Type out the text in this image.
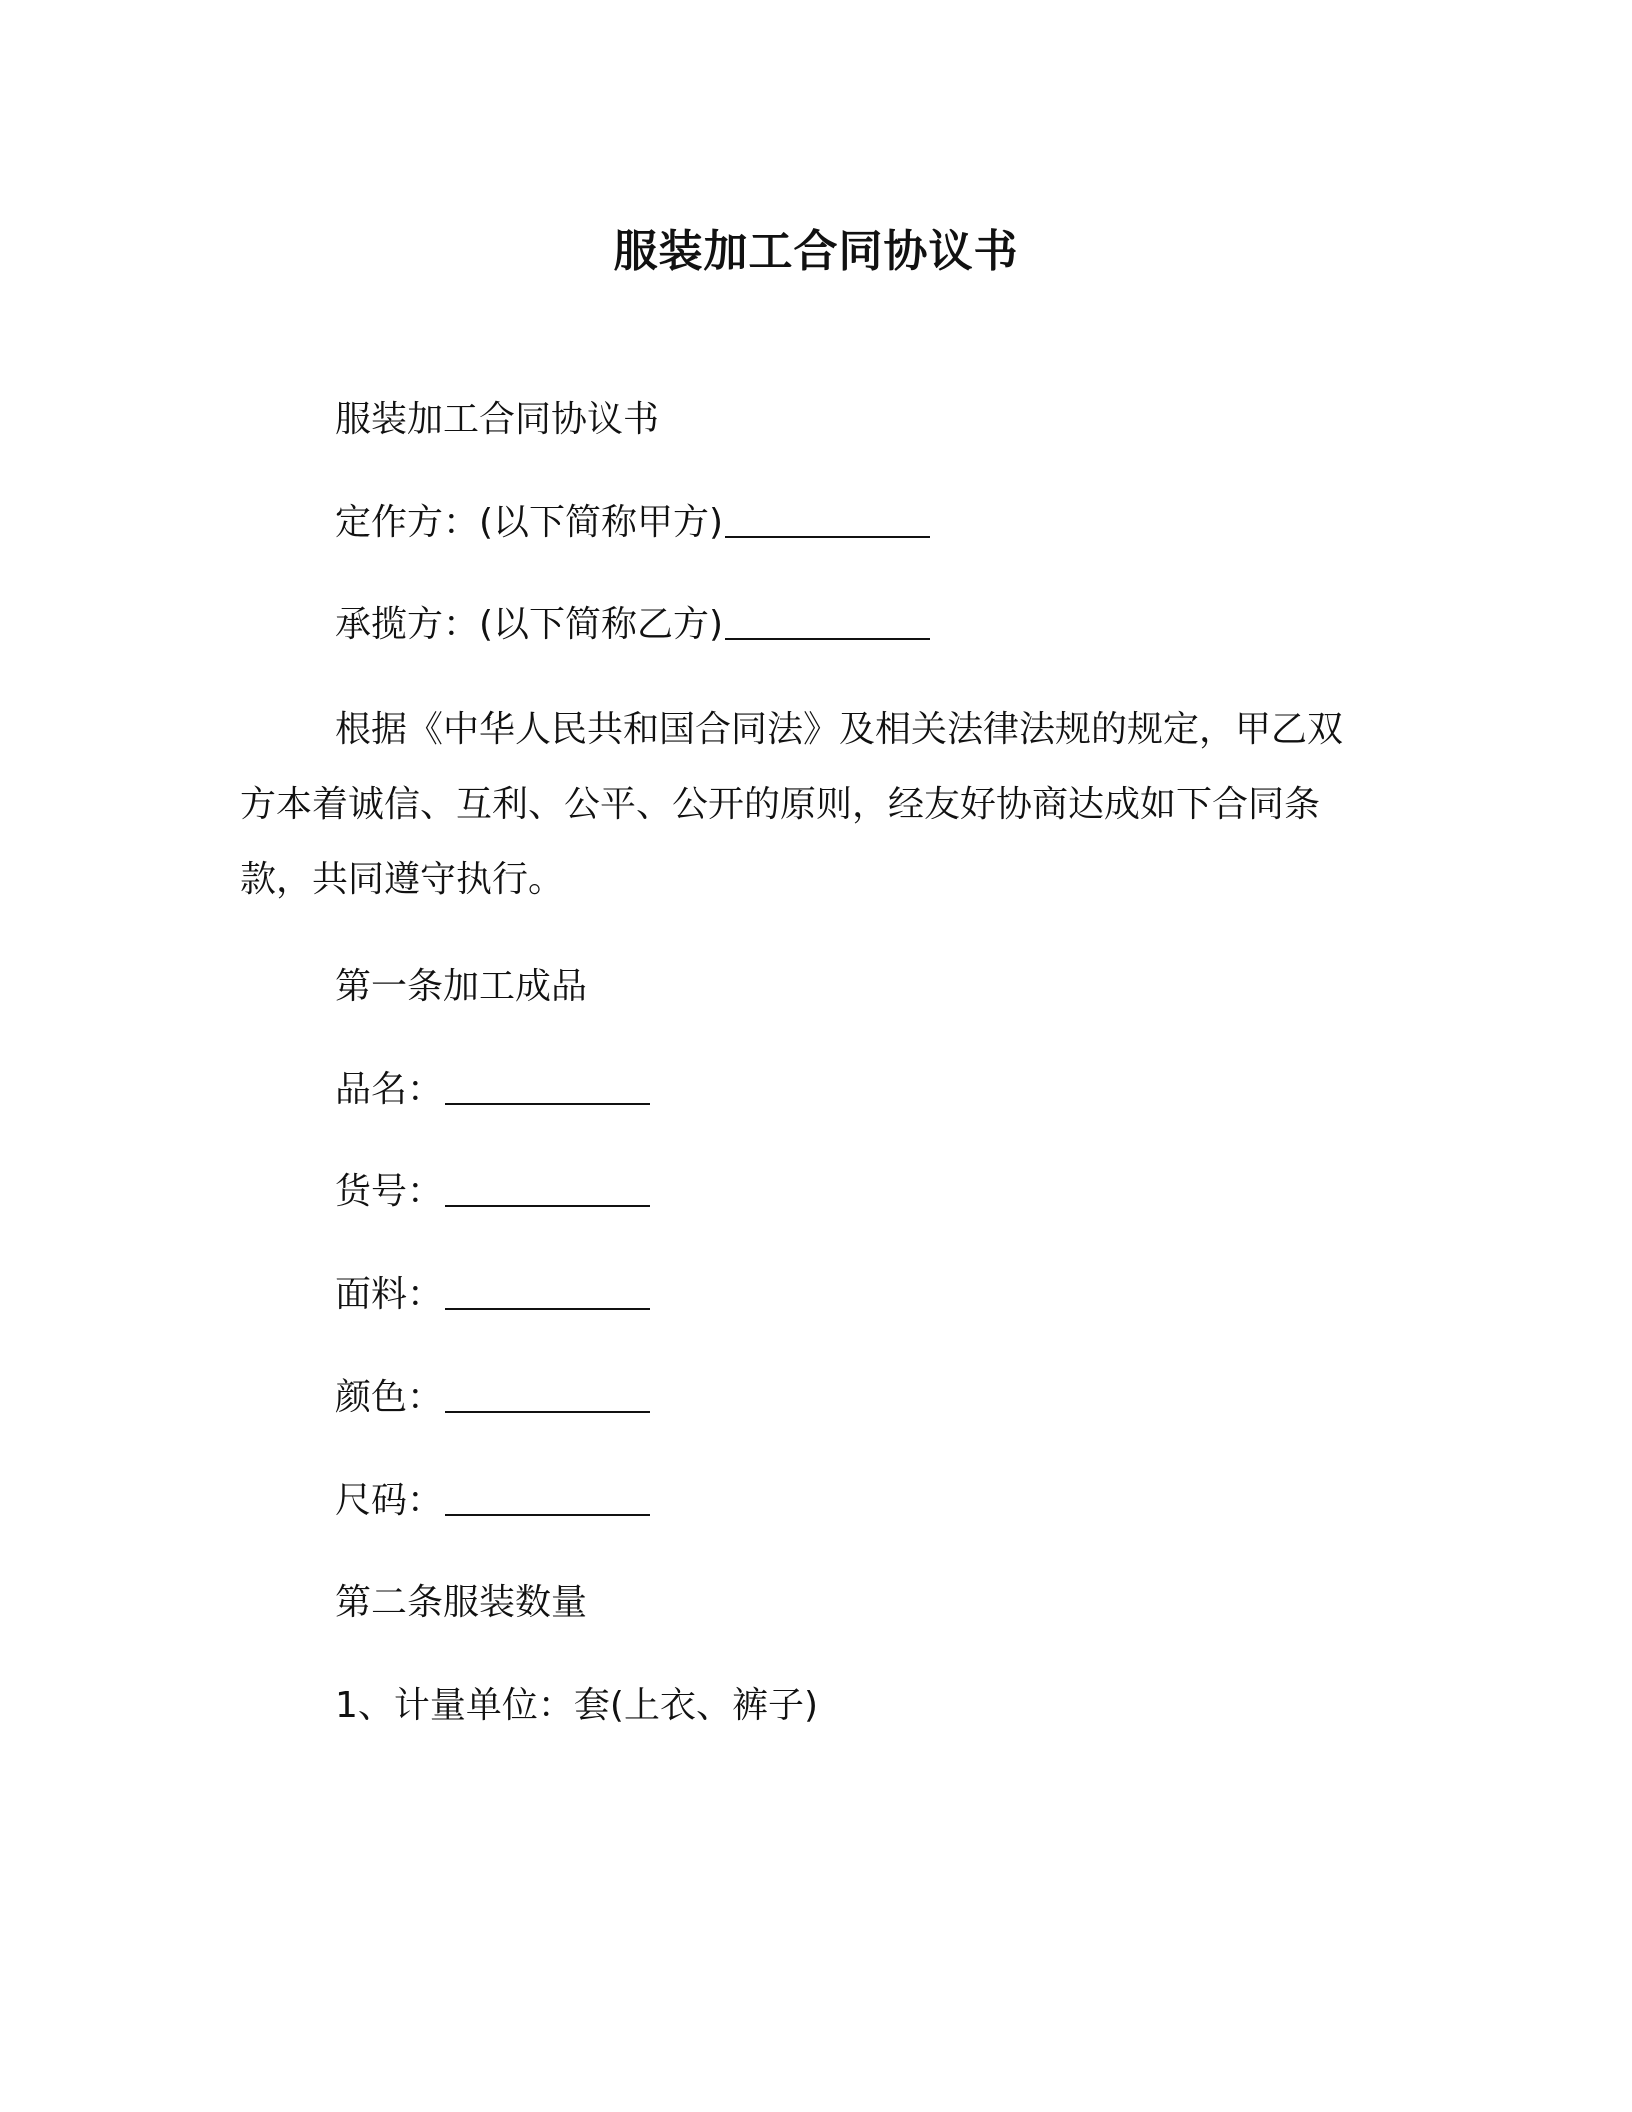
服装加工合同协议书

服装加工合同协议书

定作方：(以下简称甲方)

承揽方：(以下简称乙方)

根据《中华人民共和国合同法》及相关法律法规的规定，甲乙双
方本着诚信、互利、公平、公开的原则，经友好协商达成如下合同条
款，共同遵守执行。

第一条加工成品

品名：

货号：

面料：

颜色：

尺码：

第二条服装数量

1、计量单位：套(上衣、裤子)
